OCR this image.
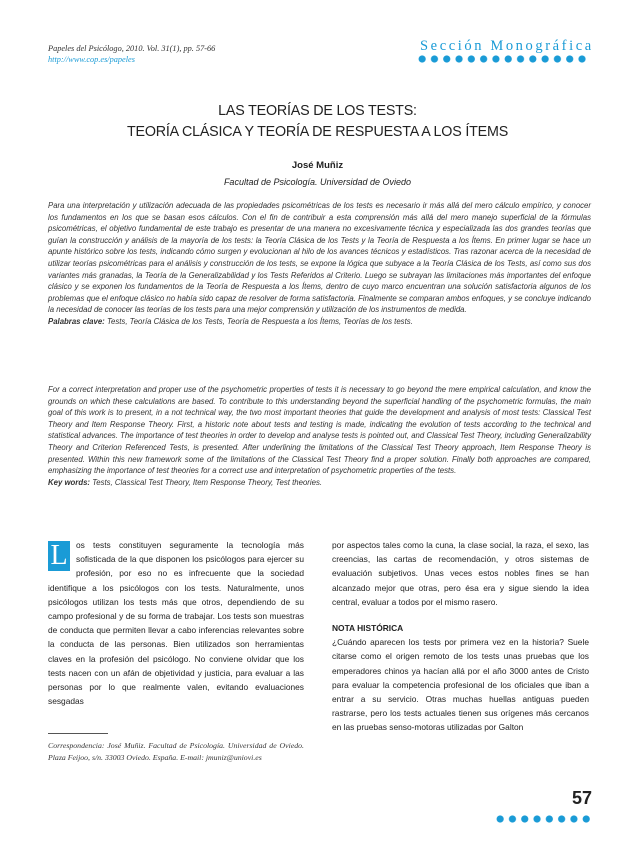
Papeles del Psicólogo, 2010. Vol. 31(1), pp. 57-66
http://www.cop.es/papeles
Sección Monográfica
LAS TEORÍAS DE LOS TESTS:
TEORÍA CLÁSICA Y TEORÍA DE RESPUESTA A LOS ÍTEMS
José Muñiz
Facultad de Psicología. Universidad de Oviedo
Para una interpretación y utilización adecuada de las propiedades psicométricas de los tests es necesario ir más allá del mero cálculo empírico, y conocer los fundamentos en los que se basan esos cálculos. Con el fin de contribuir a esta comprensión más allá del mero manejo superficial de la fórmulas psicométricas, el objetivo fundamental de este trabajo es presentar de una manera no excesivamente técnica y especializada las dos grandes teorías que guían la construcción y análisis de la mayoría de los tests: la Teoría Clásica de los Tests y la Teoría de Respuesta a los Ítems. En primer lugar se hace un apunte histórico sobre los tests, indicando cómo surgen y evolucionan al hilo de los avances técnicos y estadísticos. Tras razonar acerca de la necesidad de utilizar teorías psicométricas para el análisis y construcción de los tests, se expone la lógica que subyace a la Teoría Clásica de los Tests, así como sus dos variantes más granadas, la Teoría de la Generalizabilidad y los Tests Referidos al Criterio. Luego se subrayan las limitaciones más importantes del enfoque clásico y se exponen los fundamentos de la Teoría de Respuesta a los Ítems, dentro de cuyo marco encuentran una solución satisfactoria algunos de los problemas que el enfoque clásico no había sido capaz de resolver de forma satisfactoria. Finalmente se comparan ambos enfoques, y se concluye indicando la necesidad de conocer las teorías de los tests para una mejor comprensión y utilización de los instrumentos de medida.
Palabras clave: Tests, Teoría Clásica de los Tests, Teoría de Respuesta a los Ítems, Teorías de los tests.
For a correct interpretation and proper use of the psychometric properties of tests it is necessary to go beyond the mere empirical calculation, and know the grounds on which these calculations are based. To contribute to this understanding beyond the superficial handling of the psychometric formulas, the main goal of this work is to present, in a not technical way, the two most important theories that guide the development and analysis of most tests: Classical Test Theory and Item Response Theory. First, a historic note about tests and testing is made, indicating the evolution of tests according to the technical and statistical advances. The importance of test theories in order to develop and analyse tests is pointed out, and Classical Test Theory, including Generalizability Theory and Criterion Referenced Tests, is presented. After underlining the limitations of the Classical Test Theory approach, Item Response Theory is presented. Within this new framework some of the limitations of the Classical Test Theory find a proper solution. Finally both approaches are compared, emphasizing the importance of test theories for a correct use and interpretation of psychometric properties of the tests.
Key words: Tests, Classical Test Theory, Item Response Theory, Test theories.
L os tests constituyen seguramente la tecnología más sofisticada de la que disponen los psicólogos para ejercer su profesión, por eso no es infrecuente que la sociedad identifique a los psicólogos con los tests. Naturalmente, unos psicólogos utilizan los tests más que otros, dependiendo de su campo profesional y de su forma de trabajar. Los tests son muestras de conducta que permiten llevar a cabo inferencias relevantes sobre la conducta de las personas. Bien utilizados son herramientas claves en la profesión del psicólogo. No conviene olvidar que los tests nacen con un afán de objetividad y justicia, para evaluar a las personas por lo que realmente valen, evitando evaluaciones sesgadas
por aspectos tales como la cuna, la clase social, la raza, el sexo, las creencias, las cartas de recomendación, y otros sistemas de evaluación subjetivos. Unas veces estos nobles fines se han alcanzado mejor que otras, pero ésa era y sigue siendo la idea central, evaluar a todos por el mismo rasero.
NOTA HISTÓRICA
¿Cuándo aparecen los tests por primera vez en la historia? Suele citarse como el origen remoto de los tests unas pruebas que los emperadores chinos ya hacían allá por el año 3000 antes de Cristo para evaluar la competencia profesional de los oficiales que iban a entrar a su servicio. Otras muchas huellas antiguas pueden rastrarse, pero los tests actuales tienen sus orígenes más cercanos en las pruebas senso-motoras utilizadas por Galton
Correspondencia: José Muñiz. Facultad de Psicología. Universidad de Oviedo. Plaza Feijoo, s/n. 33003 Oviedo. España. E-mail: jmuniz@uniovi.es
57
